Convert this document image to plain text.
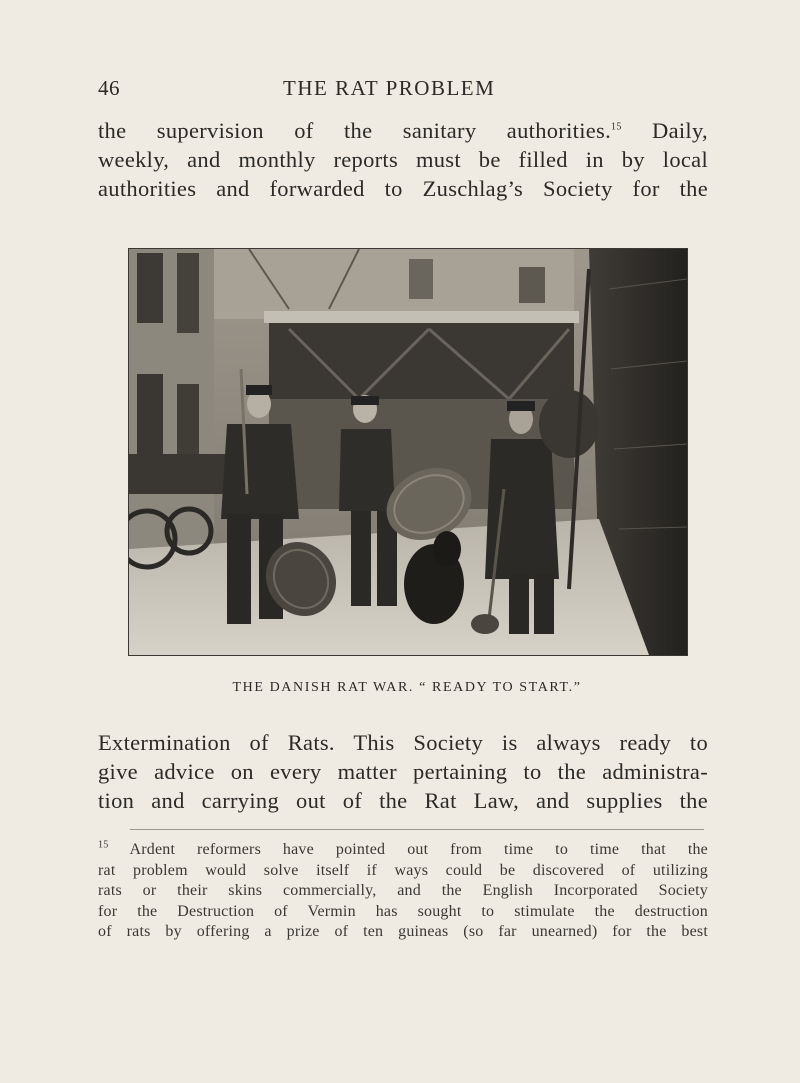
46	THE RAT PROBLEM
the supervision of the sanitary authorities.$^{15}$ Daily,
weekly, and monthly reports must be filled in by local
authorities and forwarded to Zuschlag’s Society for the
THE DANISH RAT WAR. “ READY TO START.”
Extermination of Rats. This Society is always ready to
give advice on every matter pertaining to the administra-
tion and carrying out of the Rat Law, and supplies the
$^{15}$ Ardent reformers have pointed out from time to time that the
rat problem would solve itself if ways could be discovered of utilizing
rats or their skins commercially, and the English Incorporated Society
for the Destruction of Vermin has sought to stimulate the destruction
of rats by offering a prize of ten guineas (so far unearned) for the best
